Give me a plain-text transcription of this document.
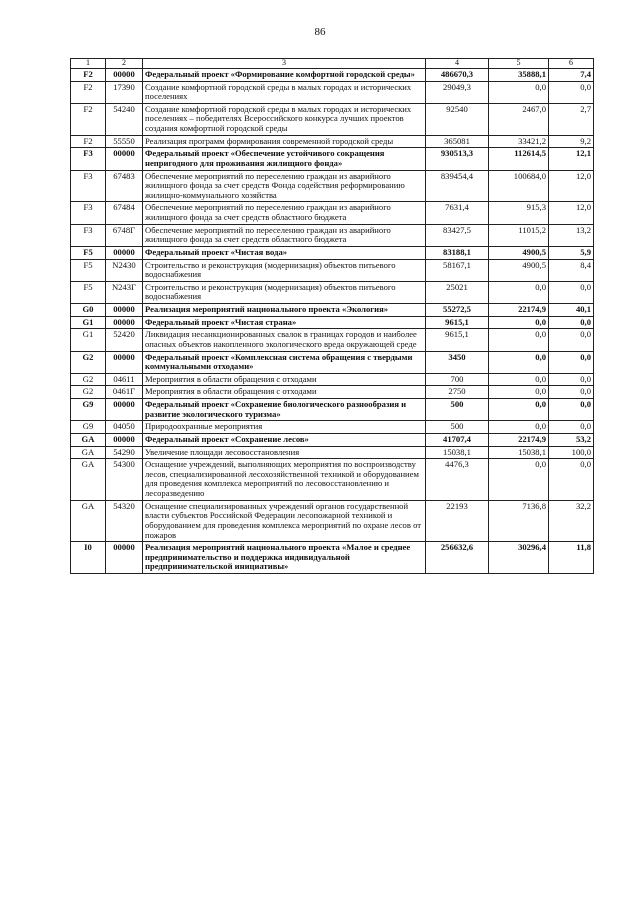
86
1	2	3	4	5	6
F2	00000	Федеральный проект «Формирование комфортной городской среды»	486670,3	35888,1	7,4
F2	17390	Создание комфортной городской среды в малых городах и исторических поселениях	29049,3	0,0	0,0
F2	54240	Создание комфортной городской среды в малых городах и исторических поселениях – победителях Всероссийского конкурса лучших проектов создания комфортной городской среды	92540	2467,0	2,7
F2	55550	Реализация программ формирования современной городской среды	365081	33421,2	9,2
F3	00000	Федеральный проект «Обеспечение устойчивого сокращения непригодного для проживания жилищного фонда»	930513,3	112614,5	12,1
F3	67483	Обеспечение мероприятий по переселению граждан из аварийного жилищного фонда за счет средств Фонда содействия реформированию жилищно-коммунального хозяйства	839454,4	100684,0	12,0
F3	67484	Обеспечение мероприятий по переселению граждан из аварийного жилищного фонда за счет средств областного бюджета	7631,4	915,3	12,0
F3	6748Г	Обеспечение мероприятий по переселению граждан из аварийного жилищного фонда за счет средств областного бюджета	83427,5	11015,2	13,2
F5	00000	Федеральный проект «Чистая вода»	83188,1	4900,5	5,9
F5	N2430	Строительство и реконструкция (модернизация) объектов питьевого водоснабжения	58167,1	4900,5	8,4
F5	N243Г	Строительство и реконструкция (модернизация) объектов питьевого водоснабжения	25021	0,0	0,0
G0	00000	Реализация мероприятий национального проекта «Экология»	55272,5	22174,9	40,1
G1	00000	Федеральный проект «Чистая страна»	9615,1	0,0	0,0
G1	52420	Ликвидация несанкционированных свалок в границах городов и наиболее опасных объектов накопленного экологического вреда окружающей среде	9615,1	0,0	0,0
G2	00000	Федеральный проект «Комплексная система обращения с твердыми коммунальными отходами»	3450	0,0	0,0
G2	04611	Мероприятия в области обращения с отходами	700	0,0	0,0
G2	0461Г	Мероприятия в области обращения с отходами	2750	0,0	0,0
G9	00000	Федеральный проект «Сохранение биологического разнообразия и развитие экологического туризма»	500	0,0	0,0
G9	04050	Природоохранные мероприятия	500	0,0	0,0
GA	00000	Федеральный проект «Сохранение лесов»	41707,4	22174,9	53,2
GA	54290	Увеличение площади лесовосстановления	15038,1	15038,1	100,0
GA	54300	Оснащение учреждений, выполняющих мероприятия по воспроизводству лесов, специализированной лесохозяйственной техникой и оборудованием для проведения комплекса мероприятий по лесовосстановлению и лесоразведению	4476,3	0,0	0,0
GA	54320	Оснащение специализированных учреждений органов государственной власти субъектов Российской Федерации лесопожарной техникой и оборудованием для проведения комплекса мероприятий по охране лесов от пожаров	22193	7136,8	32,2
I0	00000	Реализация мероприятий национального проекта «Малое и среднее предпринимательство и поддержка индивидуальной предпринимательской инициативы»	256632,6	30296,4	11,8
